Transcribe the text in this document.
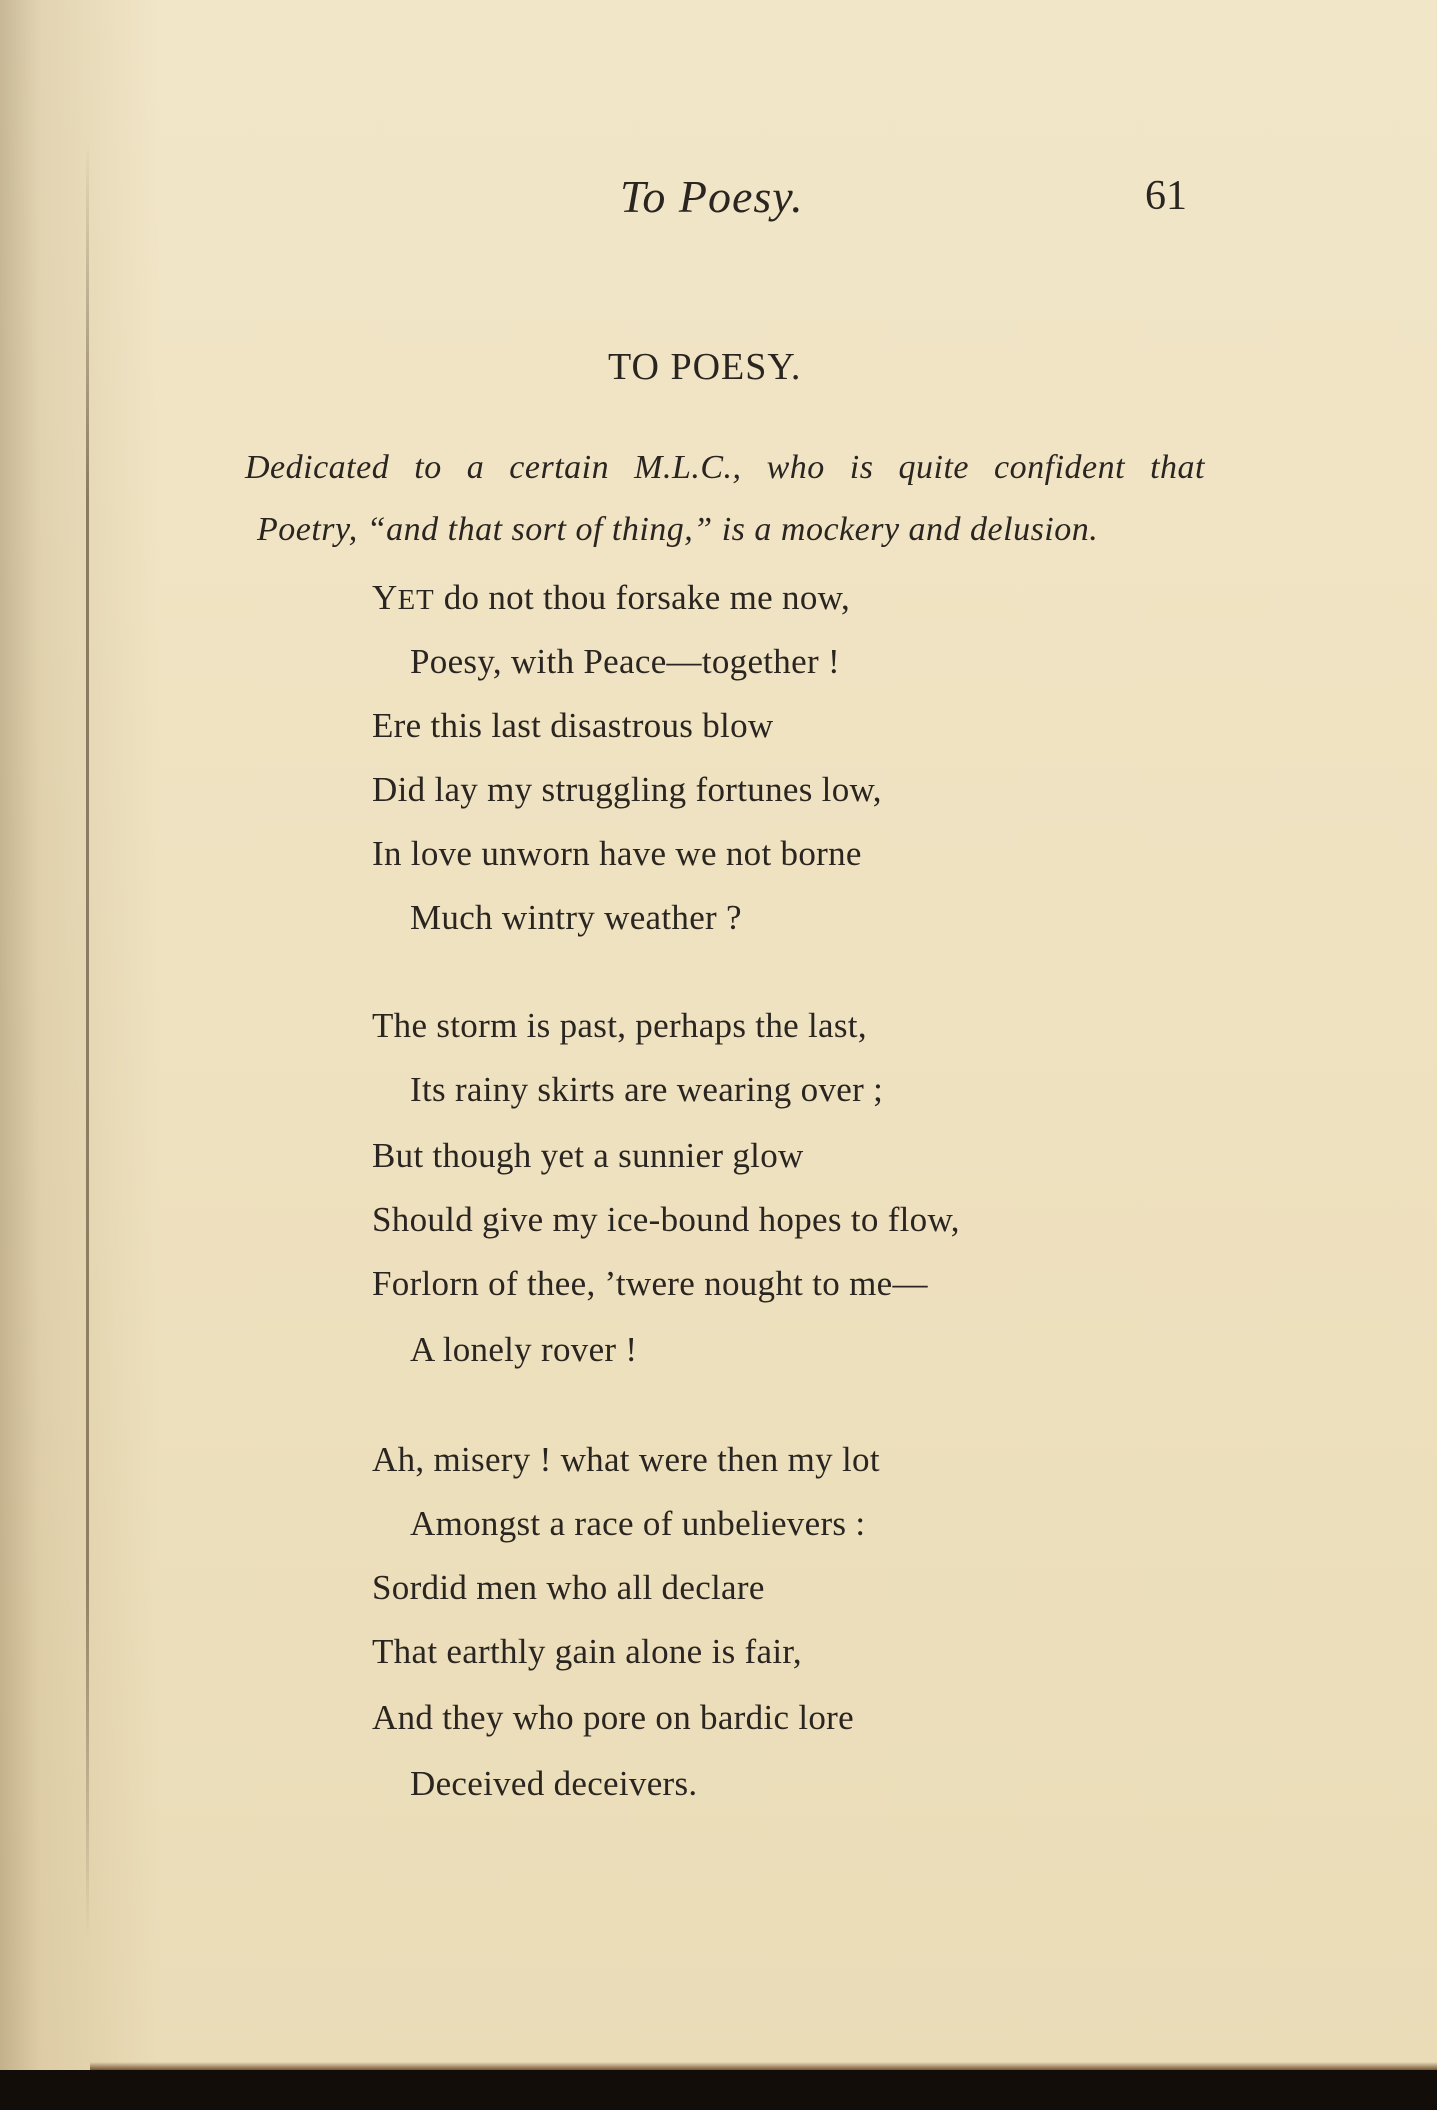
To Poesy.	61
TO POESY.
Dedicated to a certain M.L.C., who is quite confident that
Poetry, “and that sort of thing,” is a mockery and delusion.
YET do not thou forsake me now,
Poesy, with Peace—together !
Ere this last disastrous blow
Did lay my struggling fortunes low,
In love unworn have we not borne
Much wintry weather ?
The storm is past, perhaps the last,
Its rainy skirts are wearing over ;
But though yet a sunnier glow
Should give my ice-bound hopes to flow,
Forlorn of thee, ’twere nought to me—
A lonely rover !
Ah, misery ! what were then my lot
Amongst a race of unbelievers :
Sordid men who all declare
That earthly gain alone is fair,
And they who pore on bardic lore
Deceived deceivers.
